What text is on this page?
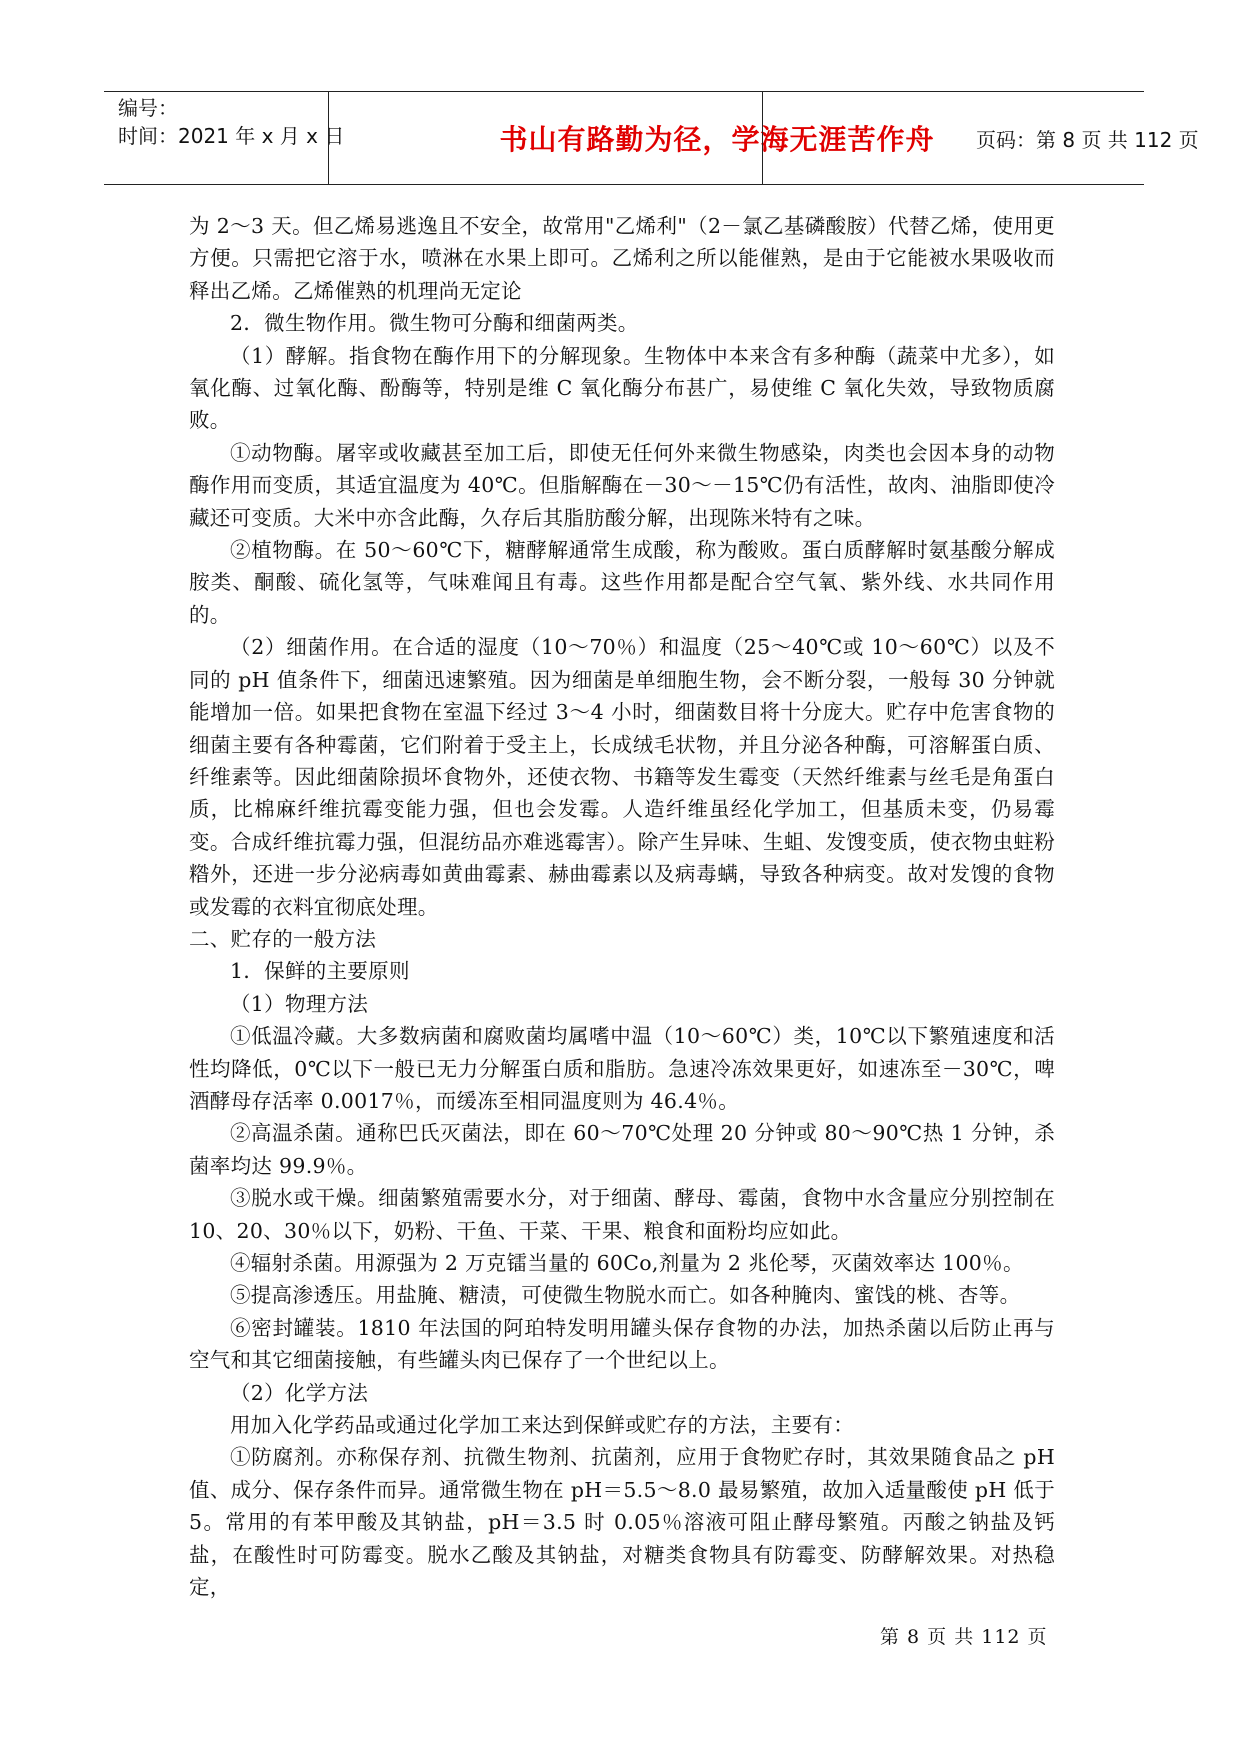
编号：
时间：2021 年 x 月 x 日	书山有路勤为径，学海无涯苦作舟	页码：第 8 页 共 112 页

为 2～3 天。但乙烯易逃逸且不安全，故常用"乙烯利"（2－氯乙基磷酸胺）代替乙烯，使用更方便。只需把它溶于水，喷淋在水果上即可。乙烯利之所以能催熟，是由于它能被水果吸收而释出乙烯。乙烯催熟的机理尚无定论

2．微生物作用。微生物可分酶和细菌两类。

（1）酵解。指食物在酶作用下的分解现象。生物体中本来含有多种酶（蔬菜中尤多），如氧化酶、过氧化酶、酚酶等，特别是维 C 氧化酶分布甚广，易使维 C 氧化失效，导致物质腐败。

①动物酶。屠宰或收藏甚至加工后，即使无任何外来微生物感染，肉类也会因本身的动物酶作用而变质，其适宜温度为 40℃。但脂解酶在－30～－15℃仍有活性，故肉、油脂即使冷藏还可变质。大米中亦含此酶，久存后其脂肪酸分解，出现陈米特有之味。

②植物酶。在 50～60℃下，糖酵解通常生成酸，称为酸败。蛋白质酵解时氨基酸分解成胺类、酮酸、硫化氢等，气味难闻且有毒。这些作用都是配合空气氧、紫外线、水共同作用的。

（2）细菌作用。在合适的湿度（10～70％）和温度（25～40℃或 10～60℃）以及不同的 pH 值条件下，细菌迅速繁殖。因为细菌是单细胞生物，会不断分裂，一般每 30 分钟就能增加一倍。如果把食物在室温下经过 3～4 小时，细菌数目将十分庞大。贮存中危害食物的细菌主要有各种霉菌，它们附着于受主上，长成绒毛状物，并且分泌各种酶，可溶解蛋白质、纤维素等。因此细菌除损坏食物外，还使衣物、书籍等发生霉变（天然纤维素与丝毛是角蛋白质，比棉麻纤维抗霉变能力强，但也会发霉。人造纤维虽经化学加工，但基质未变，仍易霉变。合成纤维抗霉力强，但混纺品亦难逃霉害）。除产生异味、生蛆、发馊变质，使衣物虫蛀粉糌外，还进一步分泌病毒如黄曲霉素、赫曲霉素以及病毒螨，导致各种病变。故对发馊的食物或发霉的衣料宜彻底处理。

二、贮存的一般方法

1．保鲜的主要原则

（1）物理方法

①低温冷藏。大多数病菌和腐败菌均属嗜中温（10～60℃）类，10℃以下繁殖速度和活性均降低，0℃以下一般已无力分解蛋白质和脂肪。急速冷冻效果更好，如速冻至－30℃，啤酒酵母存活率 0.0017％，而缓冻至相同温度则为 46.4％。

②高温杀菌。通称巴氏灭菌法，即在 60～70℃处理 20 分钟或 80～90℃热 1 分钟，杀菌率均达 99.9％。

③脱水或干燥。细菌繁殖需要水分，对于细菌、酵母、霉菌，食物中水含量应分别控制在 10、20、30％以下，奶粉、干鱼、干菜、干果、粮食和面粉均应如此。

④辐射杀菌。用源强为 2 万克镭当量的 60Co,剂量为 2 兆伦琴，灭菌效率达 100％。

⑤提高渗透压。用盐腌、糖渍，可使微生物脱水而亡。如各种腌肉、蜜饯的桃、杏等。

⑥密封罐装。1810 年法国的阿珀特发明用罐头保存食物的办法，加热杀菌以后防止再与空气和其它细菌接触，有些罐头肉已保存了一个世纪以上。

（2）化学方法

用加入化学药品或通过化学加工来达到保鲜或贮存的方法，主要有：

①防腐剂。亦称保存剂、抗微生物剂、抗菌剂，应用于食物贮存时，其效果随食品之 pH 值、成分、保存条件而异。通常微生物在 pH＝5.5～8.0 最易繁殖，故加入适量酸使 pH 低于 5。常用的有苯甲酸及其钠盐，pH＝3.5 时 0.05％溶液可阻止酵母繁殖。丙酸之钠盐及钙盐，在酸性时可防霉变。脱水乙酸及其钠盐，对糖类食物具有防霉变、防酵解效果。对热稳定，

第 8 页 共 112 页
